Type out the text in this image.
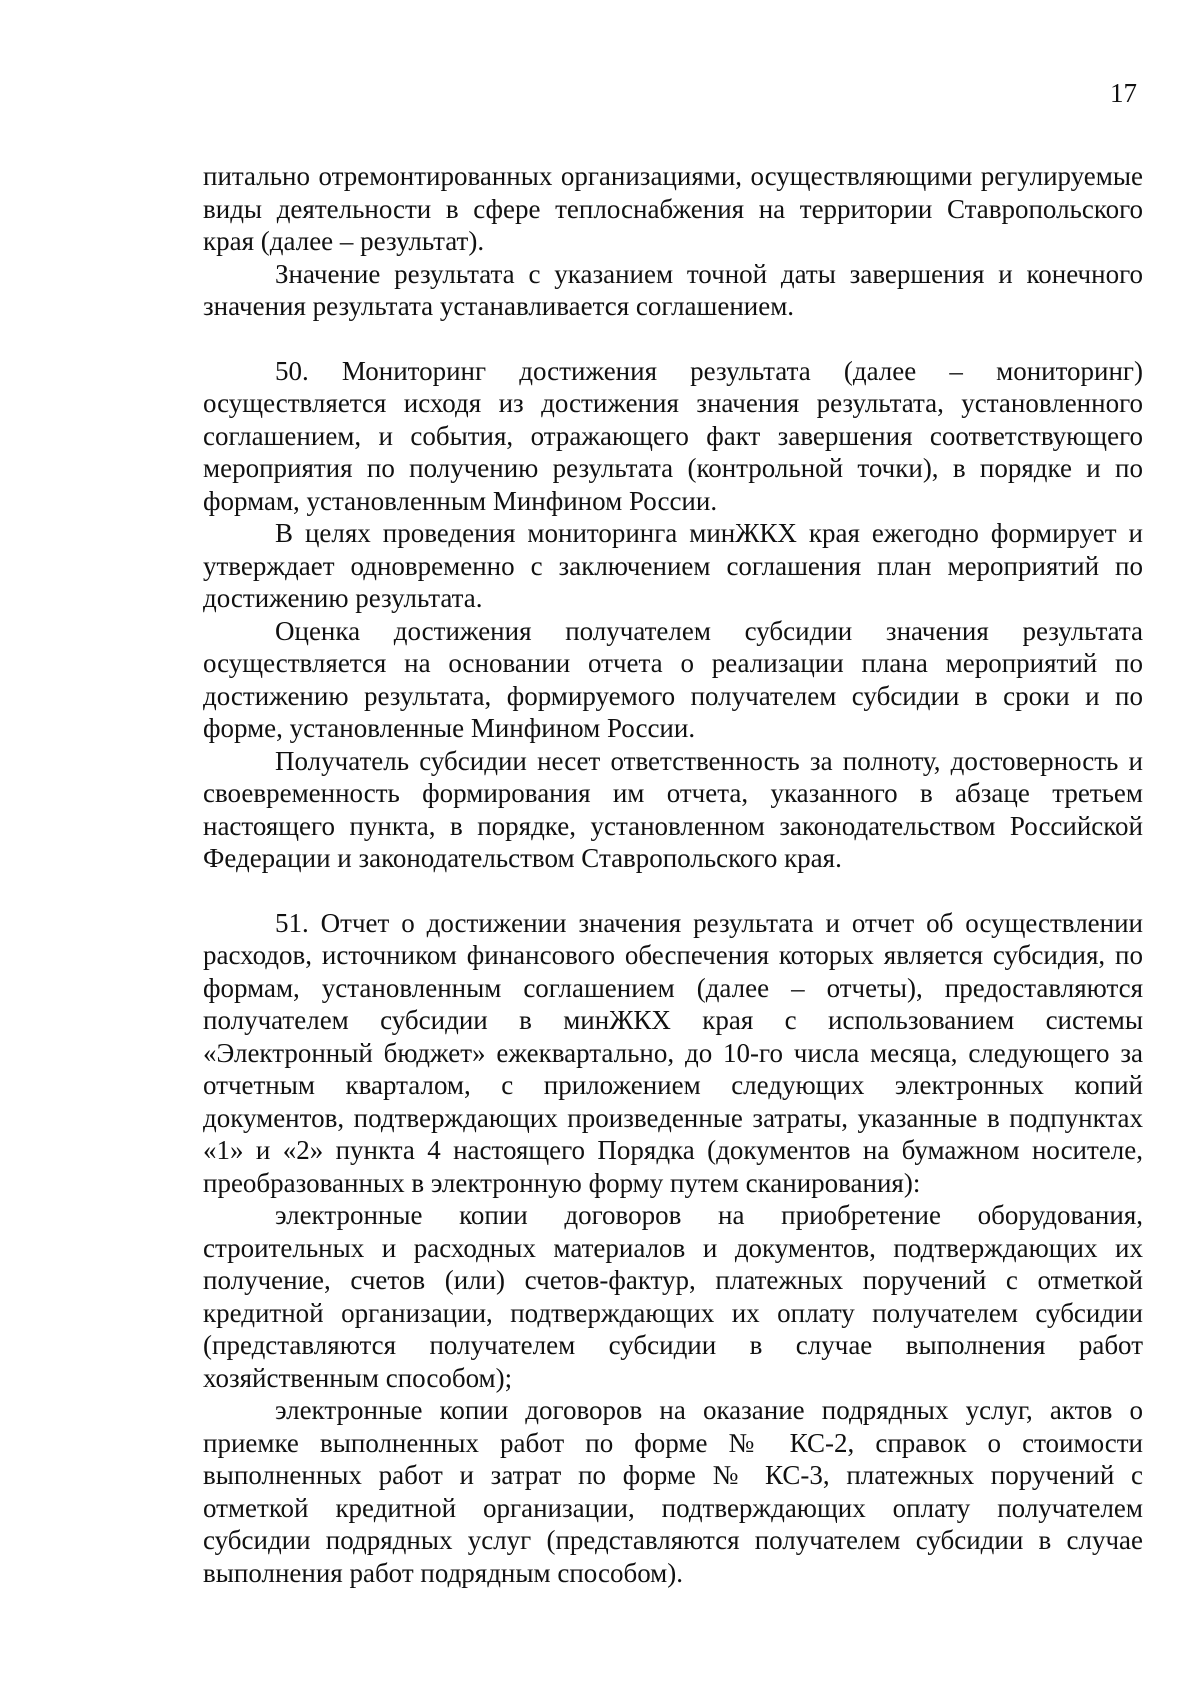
17

питально отремонтированных организациями, осуществляющими регулируемые виды деятельности в сфере теплоснабжения на территории Ставропольского края (далее – результат).

Значение результата с указанием точной даты завершения и конечного значения результата устанавливается соглашением.

50. Мониторинг достижения результата (далее – мониторинг) осуществляется исходя из достижения значения результата, установленного соглашением, и события, отражающего факт завершения соответствующего мероприятия по получению результата (контрольной точки), в порядке и по формам, установленным Минфином России.

В целях проведения мониторинга минЖКХ края ежегодно формирует и утверждает одновременно с заключением соглашения план мероприятий по достижению результата.

Оценка достижения получателем субсидии значения результата осуществляется на основании отчета о реализации плана мероприятий по достижению результата, формируемого получателем субсидии в сроки и по форме, установленные Минфином России.

Получатель субсидии несет ответственность за полноту, достоверность и своевременность формирования им отчета, указанного в абзаце третьем настоящего пункта, в порядке, установленном законодательством Российской Федерации и законодательством Ставропольского края.

51. Отчет о достижении значения результата и отчет об осуществлении расходов, источником финансового обеспечения которых является субсидия, по формам, установленным соглашением (далее – отчеты), предоставляются получателем субсидии в минЖКХ края с использованием системы «Электронный бюджет» ежеквартально, до 10-го числа месяца, следующего за отчетным кварталом, с приложением следующих электронных копий документов, подтверждающих произведенные затраты, указанные в подпунктах «1» и «2» пункта 4 настоящего Порядка (документов на бумажном носителе, преобразованных в электронную форму путем сканирования):

электронные копии договоров на приобретение оборудования, строительных и расходных материалов и документов, подтверждающих их получение, счетов (или) счетов-фактур, платежных поручений с отметкой кредитной организации, подтверждающих их оплату получателем субсидии (представляются получателем субсидии в случае выполнения работ хозяйственным способом);

электронные копии договоров на оказание подрядных услуг, актов о приемке выполненных работ по форме № КС-2, справок о стоимости выполненных работ и затрат по форме № КС-3, платежных поручений с отметкой кредитной организации, подтверждающих оплату получателем субсидии подрядных услуг (представляются получателем субсидии в случае выполнения работ подрядным способом).
